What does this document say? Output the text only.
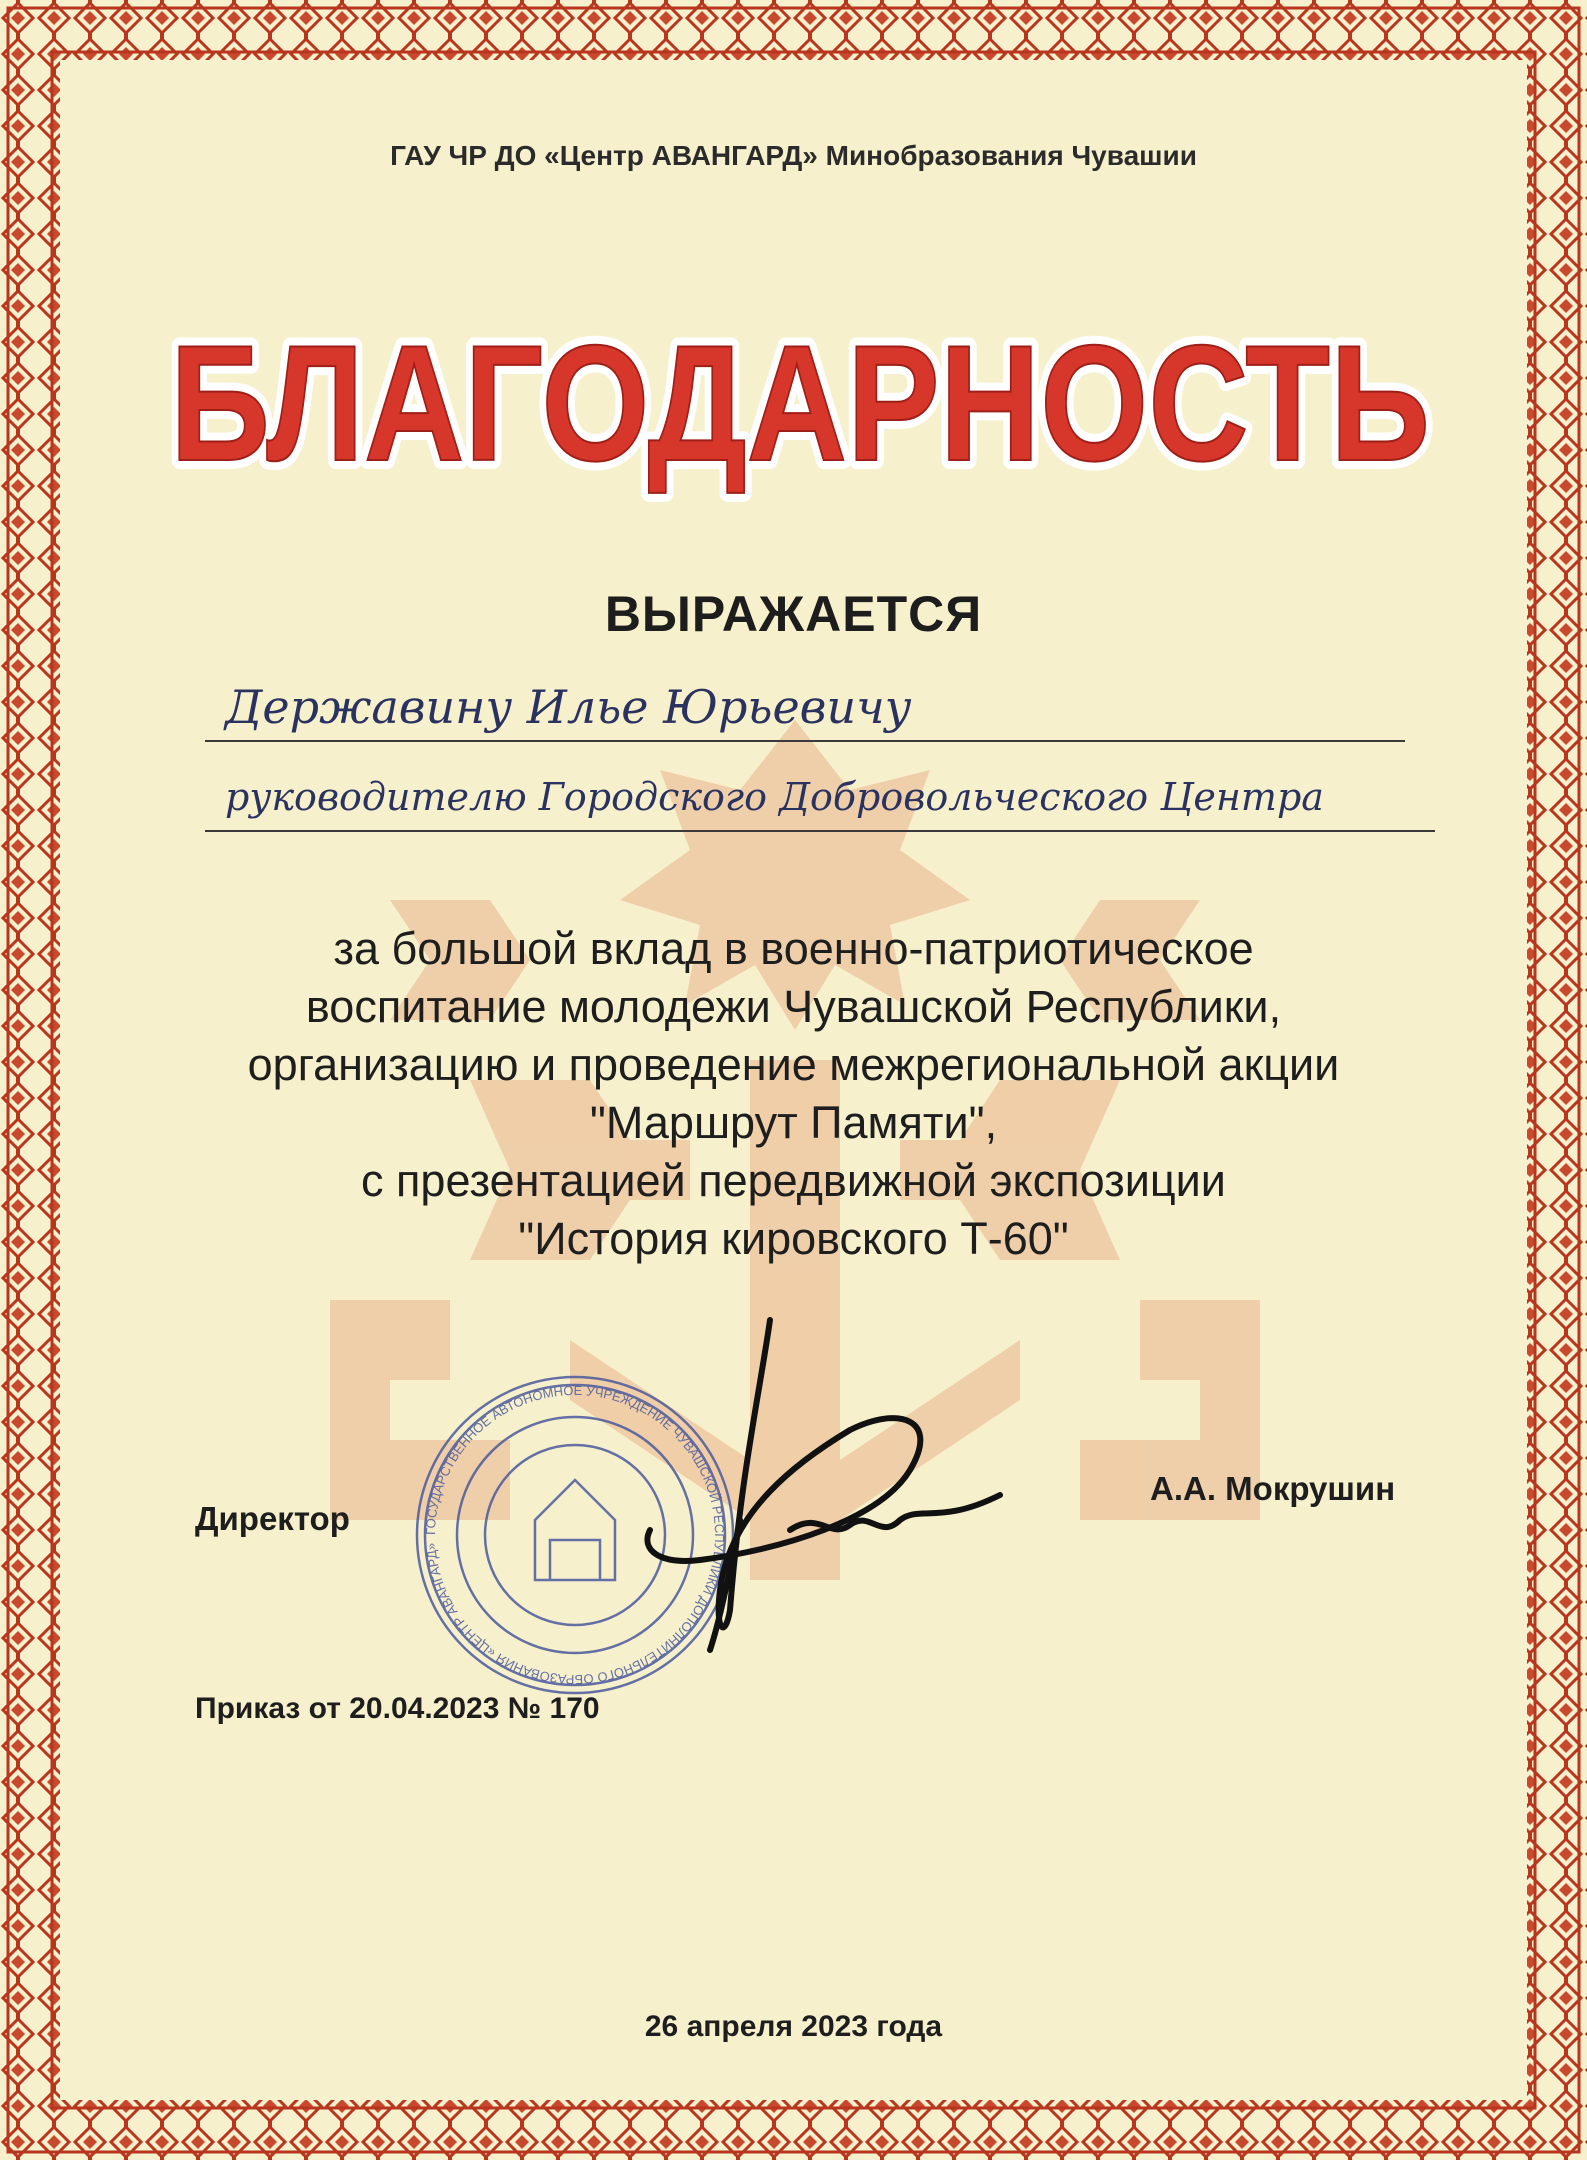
ГАУ ЧР ДО «Центр АВАНГАРД» Минобразования Чувашии
БЛАГОДАРНОСТЬ
БЛАГОДАРНОСТЬ
ВЫРАЖАЕТСЯ
Державину Илье Юрьевичу
руководителю Городского Добровольческого Центра
за большой вклад в военно-патриотическое
воспитание молодежи Чувашской Республики,
организацию и проведение межрегиональной акции
"Маршрут Памяти",
с презентацией передвижной экспозиции
"История кировского Т-60"
ГОСУДАРСТВЕННОЕ АВТОНОМНОЕ УЧРЕЖДЕНИЕ ЧУВАШСКОЙ РЕСПУБЛИКИ ДОПОЛНИТЕЛЬНОГО ОБРАЗОВАНИЯ «ЦЕНТР АВАНГАРД»
Директор
А.А. Мокрушин
Приказ от 20.04.2023 № 170
26 апреля 2023 года
